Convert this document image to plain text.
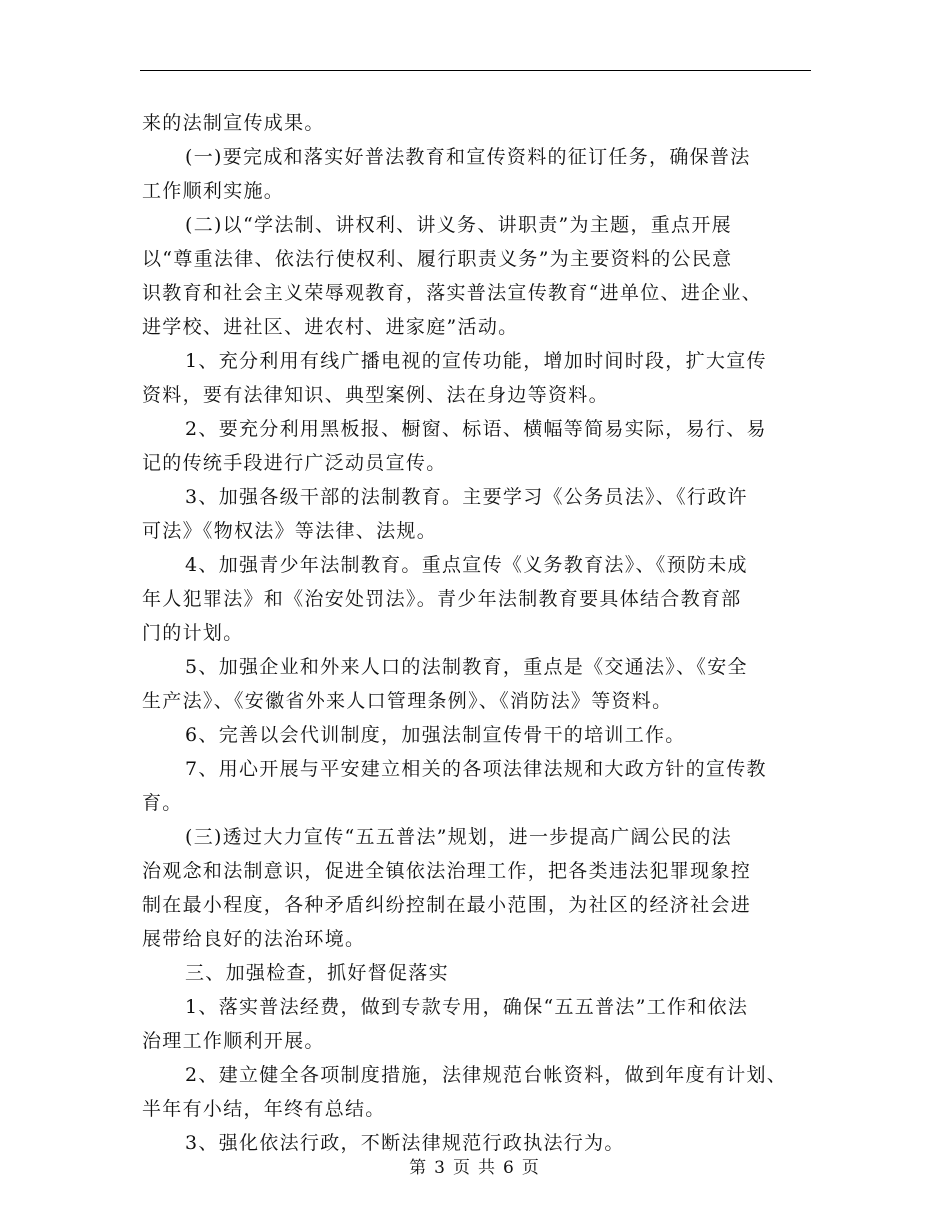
来的法制宣传成果。
(一)要完成和落实好普法教育和宣传资料的征订任务，确保普法
工作顺利实施。
(二)以“学法制、讲权利、讲义务、讲职责”为主题，重点开展
以“尊重法律、依法行使权利、履行职责义务”为主要资料的公民意
识教育和社会主义荣辱观教育，落实普法宣传教育“进单位、进企业、
进学校、进社区、进农村、进家庭”活动。
1、充分利用有线广播电视的宣传功能，增加时间时段，扩大宣传
资料，要有法律知识、典型案例、法在身边等资料。
2、要充分利用黑板报、橱窗、标语、横幅等简易实际，易行、易
记的传统手段进行广泛动员宣传。
3、加强各级干部的法制教育。主要学习《公务员法》、《行政许
可法》《物权法》等法律、法规。
4、加强青少年法制教育。重点宣传《义务教育法》、《预防未成
年人犯罪法》和《治安处罚法》。青少年法制教育要具体结合教育部
门的计划。
5、加强企业和外来人口的法制教育，重点是《交通法》、《安全
生产法》、《安徽省外来人口管理条例》、《消防法》等资料。
6、完善以会代训制度，加强法制宣传骨干的培训工作。
7、用心开展与平安建立相关的各项法律法规和大政方针的宣传教
育。
(三)透过大力宣传“五五普法”规划，进一步提高广阔公民的法
治观念和法制意识，促进全镇依法治理工作，把各类违法犯罪现象控
制在最小程度，各种矛盾纠纷控制在最小范围，为社区的经济社会进
展带给良好的法治环境。
三、加强检查，抓好督促落实
1、落实普法经费，做到专款专用，确保“五五普法”工作和依法
治理工作顺利开展。
2、建立健全各项制度措施，法律规范台帐资料，做到年度有计划、
半年有小结，年终有总结。
3、强化依法行政，不断法律规范行政执法行为。
第 3 页 共 6 页
